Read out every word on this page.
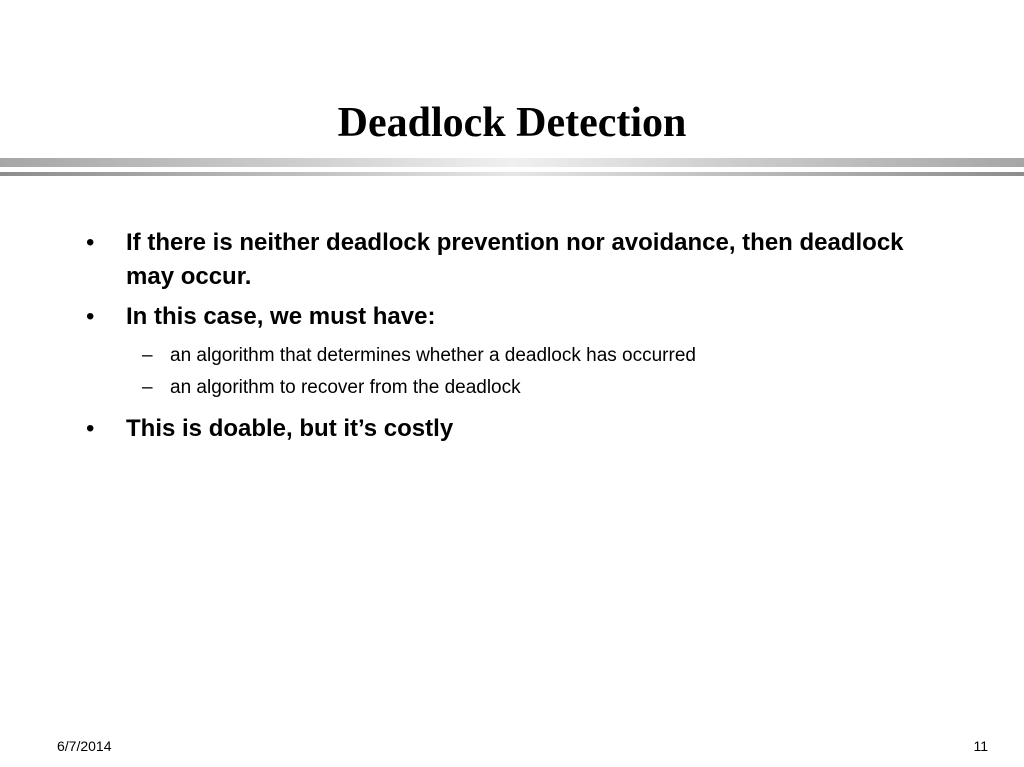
Deadlock Detection
•	If there is neither deadlock prevention nor avoidance, then deadlock may occur.
•	In this case, we must have:
– an algorithm that determines whether a deadlock has occurred
– an algorithm to recover from the deadlock
•	This is doable, but it’s costly
6/7/2014	11
